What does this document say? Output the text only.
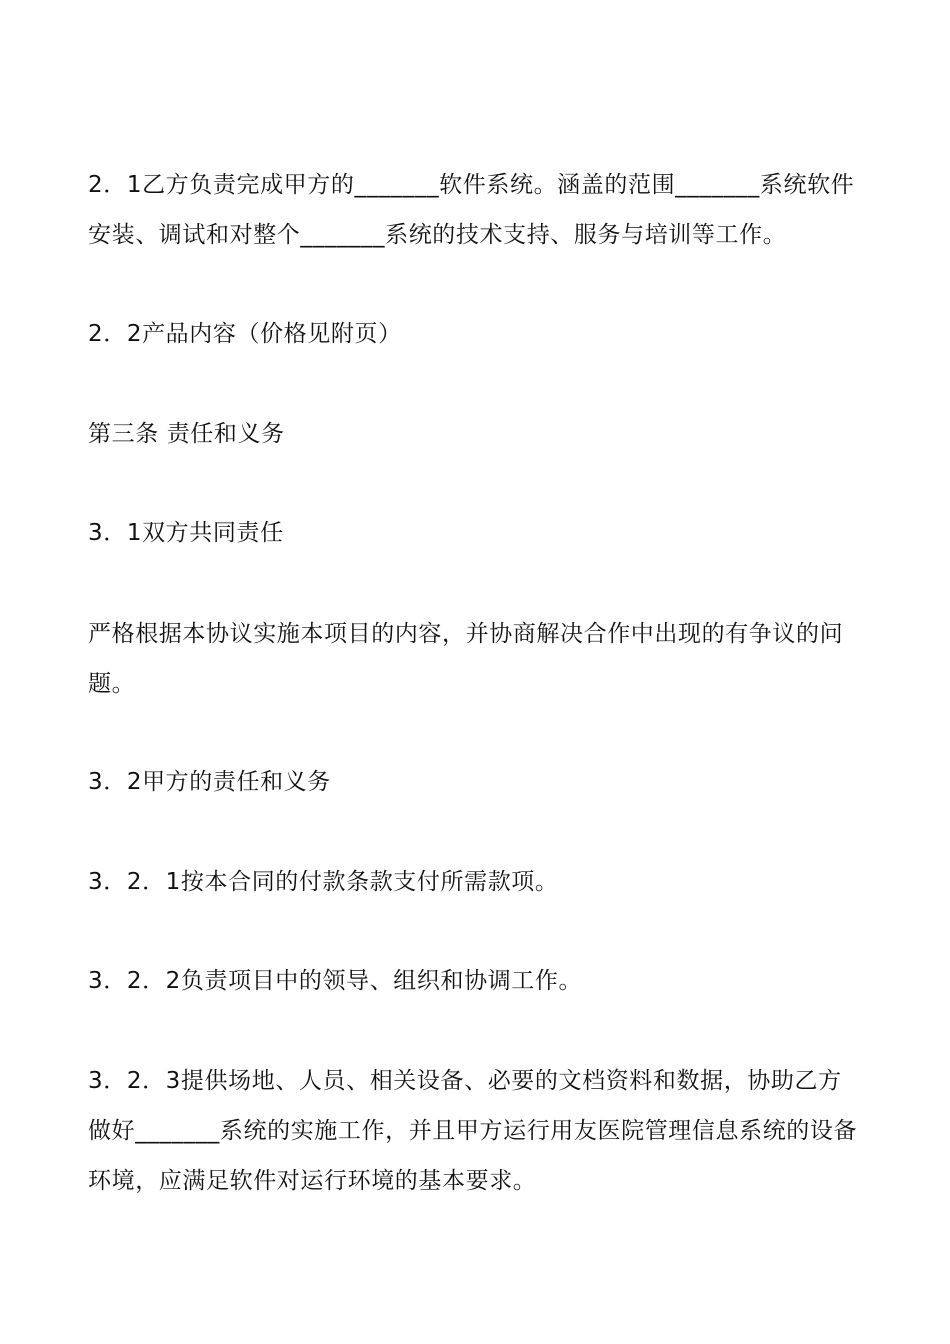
2．1乙方负责完成甲方的_______软件系统。涵盖的范围_______系统软件
安装、调试和对整个_______系统的技术支持、服务与培训等工作。

2．2产品内容（价格见附页）

第三条 责任和义务

3．1双方共同责任

严格根据本协议实施本项目的内容，并协商解决合作中出现的有争议的问
题。

3．2甲方的责任和义务

3．2．1按本合同的付款条款支付所需款项。

3．2．2负责项目中的领导、组织和协调工作。

3．2．3提供场地、人员、相关设备、必要的文档资料和数据，协助乙方
做好_______系统的实施工作，并且甲方运行用友医院管理信息系统的设备
环境，应满足软件对运行环境的基本要求。
